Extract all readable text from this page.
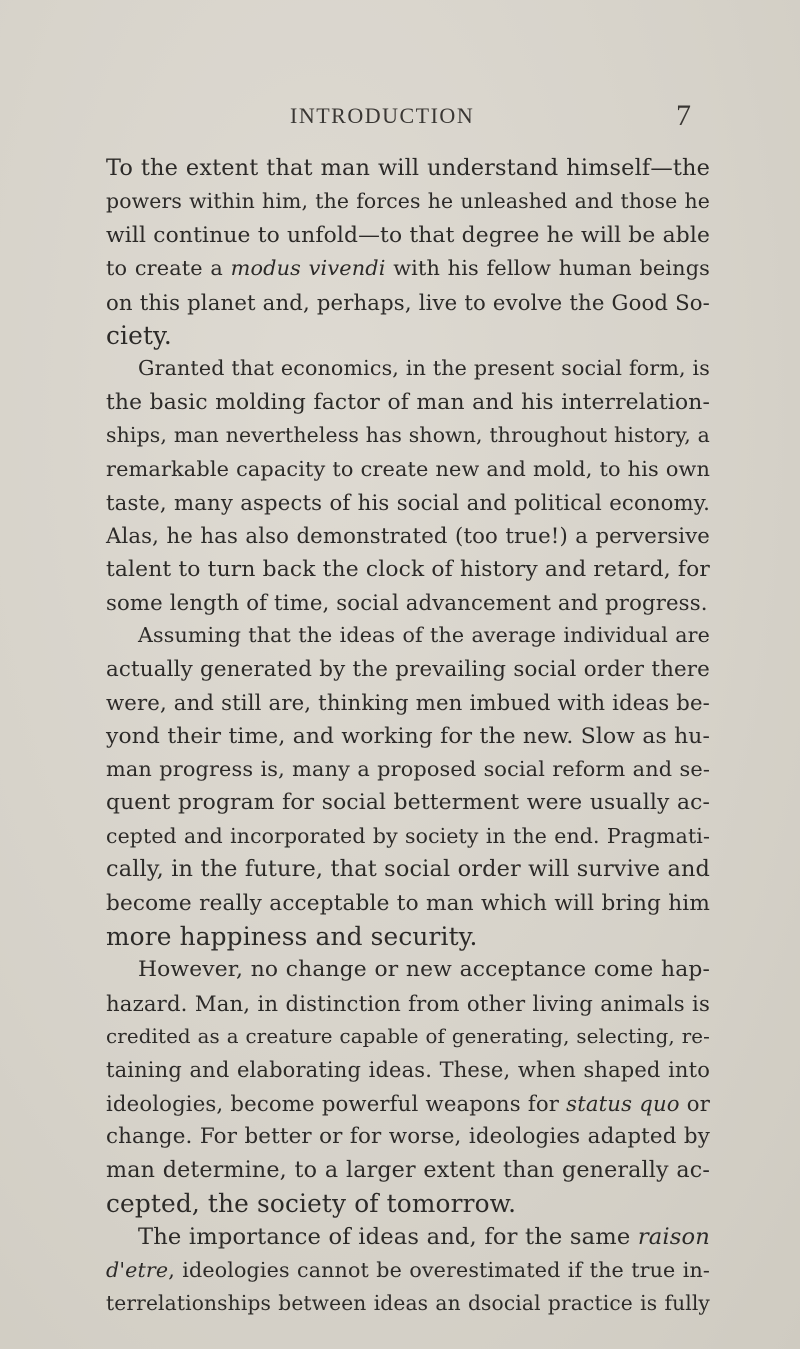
INTRODUCTION	7
To the extent that man will understand himself—the
powers within him, the forces he unleashed and those he
will continue to unfold—to that degree he will be able
to create a modus vivendi with his fellow human beings
on this planet and, perhaps, live to evolve the Good So-
ciety.
Granted that economics, in the present social form, is
the basic molding factor of man and his interrelation-
ships, man nevertheless has shown, throughout history, a
remarkable capacity to create new and mold, to his own
taste, many aspects of his social and political economy.
Alas, he has also demonstrated (too true!) a perversive
talent to turn back the clock of history and retard, for
some length of time, social advancement and progress.
Assuming that the ideas of the average individual are
actually generated by the prevailing social order there
were, and still are, thinking men imbued with ideas be-
yond their time, and working for the new. Slow as hu-
man progress is, many a proposed social reform and se-
quent program for social betterment were usually ac-
cepted and incorporated by society in the end. Pragmati-
cally, in the future, that social order will survive and
become really acceptable to man which will bring him
more happiness and security.
However, no change or new acceptance come hap-
hazard. Man, in distinction from other living animals is
credited as a creature capable of generating, selecting, re-
taining and elaborating ideas. These, when shaped into
ideologies, become powerful weapons for status quo or
change. For better or for worse, ideologies adapted by
man determine, to a larger extent than generally ac-
cepted, the society of tomorrow.
The importance of ideas and, for the same raison
d'etre, ideologies cannot be overestimated if the true in-
terrelationships between ideas an dsocial practice is fully
